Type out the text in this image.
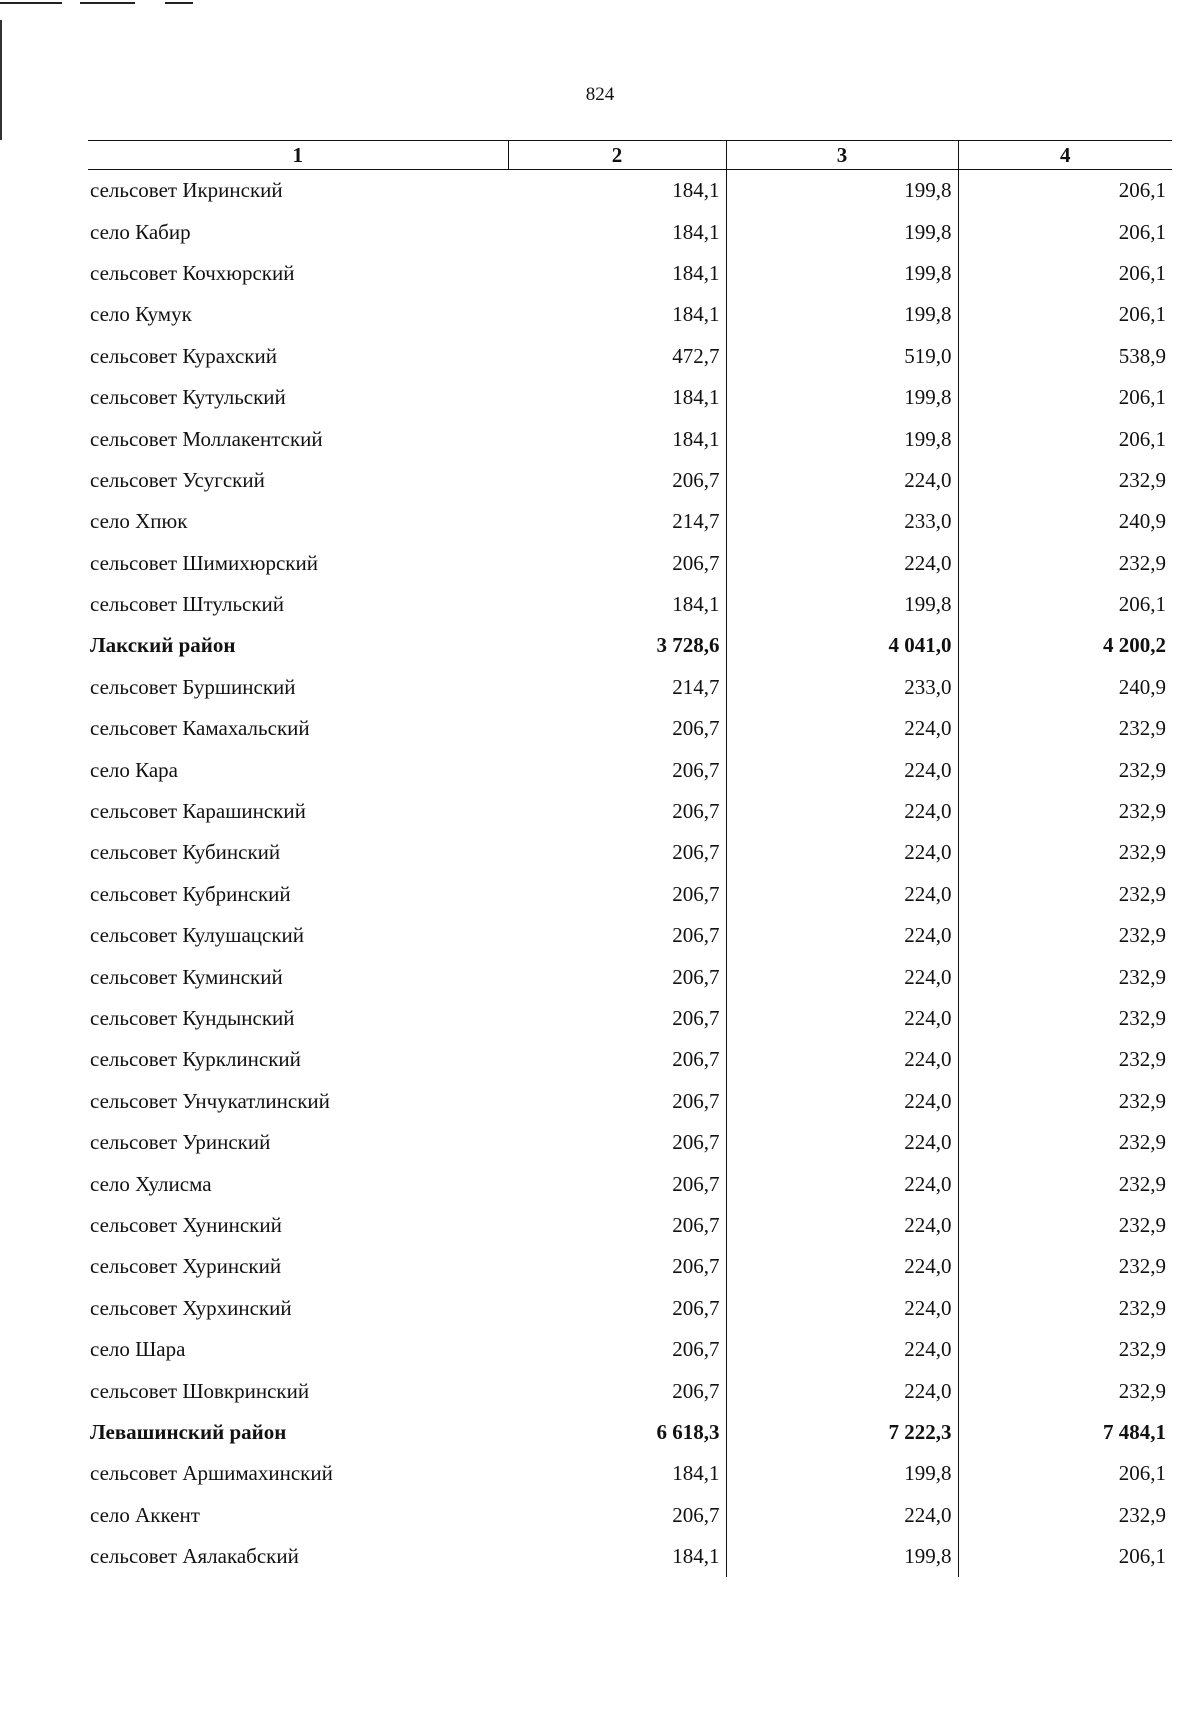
824
1	2	3	4
сельсовет Икринский	184,1	199,8	206,1
село Кабир	184,1	199,8	206,1
сельсовет Кочхюрский	184,1	199,8	206,1
село Кумук	184,1	199,8	206,1
сельсовет Курахский	472,7	519,0	538,9
сельсовет Кутульский	184,1	199,8	206,1
сельсовет Моллакентский	184,1	199,8	206,1
сельсовет Усугский	206,7	224,0	232,9
село Хпюк	214,7	233,0	240,9
сельсовет Шимихюрский	206,7	224,0	232,9
сельсовет Штульский	184,1	199,8	206,1
Лакский район	3 728,6	4 041,0	4 200,2
сельсовет Буршинский	214,7	233,0	240,9
сельсовет Камахальский	206,7	224,0	232,9
село Кара	206,7	224,0	232,9
сельсовет Карашинский	206,7	224,0	232,9
сельсовет Кубинский	206,7	224,0	232,9
сельсовет Кубринский	206,7	224,0	232,9
сельсовет Кулушацский	206,7	224,0	232,9
сельсовет Куминский	206,7	224,0	232,9
сельсовет Кундынский	206,7	224,0	232,9
сельсовет Курклинский	206,7	224,0	232,9
сельсовет Унчукатлинский	206,7	224,0	232,9
сельсовет Уринский	206,7	224,0	232,9
село Хулисма	206,7	224,0	232,9
сельсовет Хунинский	206,7	224,0	232,9
сельсовет Хуринский	206,7	224,0	232,9
сельсовет Хурхинский	206,7	224,0	232,9
село Шара	206,7	224,0	232,9
сельсовет Шовкринский	206,7	224,0	232,9
Левашинский район	6 618,3	7 222,3	7 484,1
сельсовет Аршимахинский	184,1	199,8	206,1
село Аккент	206,7	224,0	232,9
сельсовет Аялакабский	184,1	199,8	206,1
